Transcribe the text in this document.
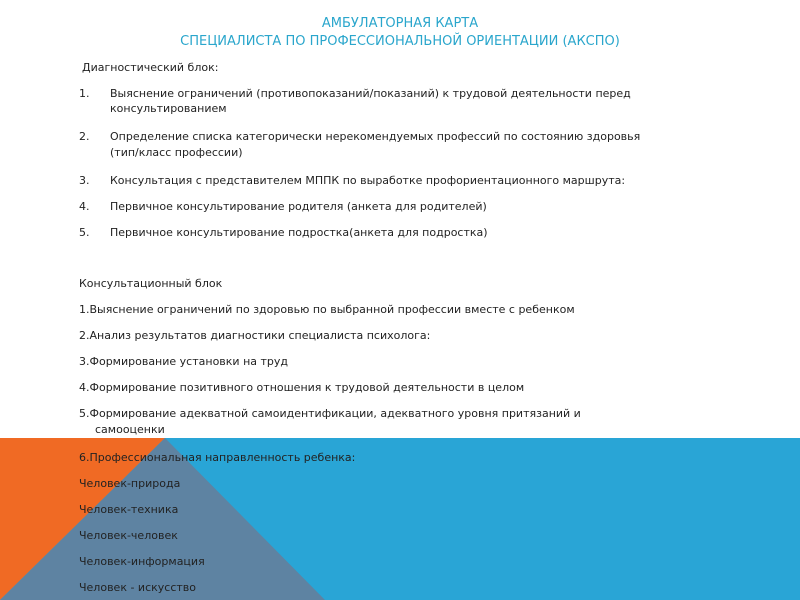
АМБУЛАТОРНАЯ КАРТА
СПЕЦИАЛИСТА ПО ПРОФЕССИОНАЛЬНОЙ ОРИЕНТАЦИИ (АКСПО)
Диагностический блок:
1. Выяснение ограничений (противопоказаний/показаний) к трудовой деятельности перед
консультированием
2. Определение списка категорически нерекомендуемых профессий по состоянию здоровья
(тип/класс профессии)
3. Консультация с представителем МППК по выработке профориентационного маршрута:
4. Первичное консультирование родителя (анкета для родителей)
5. Первичное консультирование подростка(анкета для подростка)
Консультационный блок
1.Выяснение ограничений по здоровью по выбранной профессии вместе с ребенком
2.Анализ результатов диагностики специалиста психолога:
3.Формирование установки на труд
4.Формирование позитивного отношения к трудовой деятельности в целом
5.Формирование адекватной самоидентификации, адекватного уровня притязаний и
самооценки
6.Профессиональная направленность ребенка:
Человек-природа
Человек-техника
Человек-человек
Человек-информация
Человек - искусство
